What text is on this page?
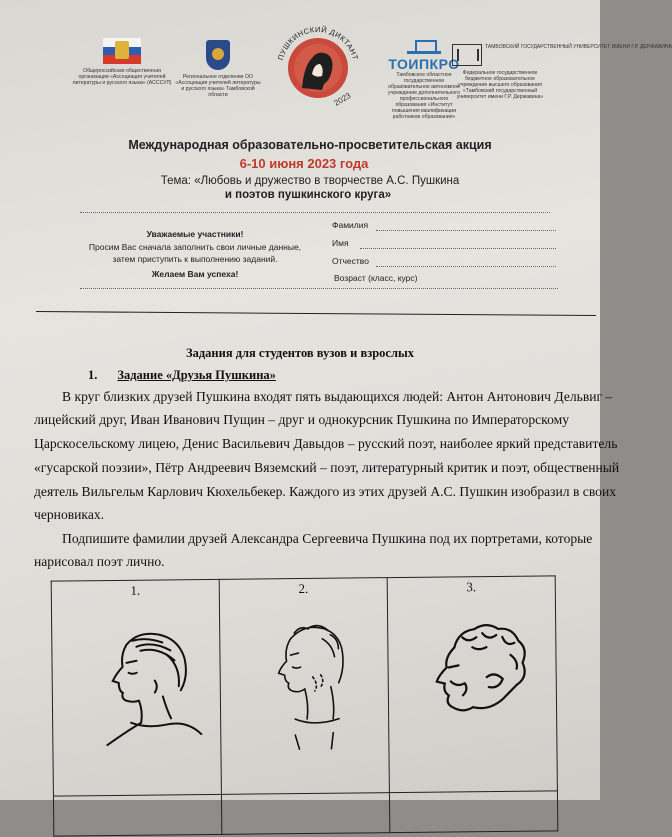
Общероссийская общественная организация «Ассоциация учителей литературы и русского языка» (АСССУЛ)
Региональное отделение ОО «Ассоциация учителей литературы и русского языка» Тамбовской области
ПУШКИНСКИЙ ДИКТАНТ
2023
ТОИПКРО
Тамбовское областное государственное образовательное автономное учреждение дополнительного профессионального образования «Институт повышения квалификации работников образования»
ТАМБОВСКИЙ ГОСУДАРСТВЕННЫЙ УНИВЕРСИТЕТ ИМЕНИ Г.Р. ДЕРЖАВИНА
Федеральное государственное бюджетное образовательное учреждение высшего образования «Тамбовский государственный университет имени Г.Р. Державина»
Международная образовательно-просветительская акция
6-10 июня 2023 года
Тема: «Любовь и дружество в творчестве А.С. Пушкина
и поэтов пушкинского круга»
Уважаемые участники!
Просим Вас сначала заполнить свои личные данные,
затем приступить к выполнению заданий.
Желаем Вам успеха!
Фамилия
Имя
Отчество
Возраст (класс, курс)
Задания для студентов вузов и взрослых
1. Задание «Друзья Пушкина»
В круг близких друзей Пушкина входят пять выдающихся людей: Антон Антонович Дельвиг –
лицейский друг, Иван Иванович Пущин – друг и однокурсник Пушкина по Императорскому
Царскосельскому лицею, Денис Васильевич Давыдов – русский поэт, наиболее яркий представитель
«гусарской поэзии», Пётр Андреевич Вяземский – поэт, литературный критик и поэт, общественный
деятель Вильгельм Карлович Кюхельбекер. Каждого из этих друзей А.С. Пушкин изобразил в своих
черновиках.
Подпишите фамилии друзей Александра Сергеевича Пушкина под их портретами, которые
нарисовал поэт лично.
1.	2.	3.
